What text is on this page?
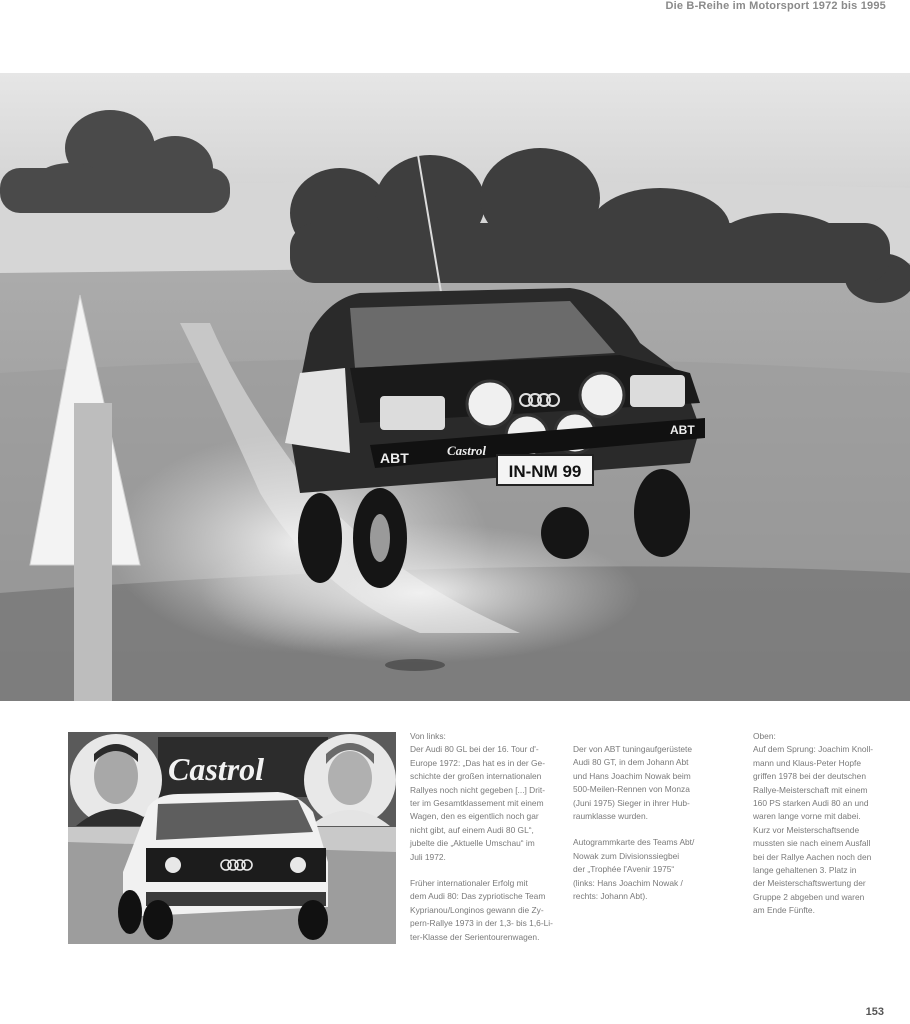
Die B-Reihe im Motorsport 1972 bis 1995
ABT	Castrol
ABT
IN-NM 99
Castrol

Von links:
Der Audi 80 GL bei der 16. Tour d'-
Europe 1972: „Das hat es in der Ge-
schichte der großen internationalen
Rallyes noch nicht gegeben [...] Drit-
ter im Gesamtklassement mit einem
Wagen, den es eigentlich noch gar
nicht gibt, auf einem Audi 80 GL“,
jubelte die „Aktuelle Umschau“ im
Juli 1972.

Früher internationaler Erfolg mit
dem Audi 80: Das zypriotische Team
Kyprianou/Longinos gewann die Zy-
pern-Rallye 1973 in der 1,3- bis 1,6-Li-
ter-Klasse der Serientourenwagen.

Der von ABT tuningaufgerüstete
Audi 80 GT, in dem Johann Abt
und Hans Joachim Nowak beim
500-Meilen-Rennen von Monza
(Juni 1975) Sieger in ihrer Hub-
raumklasse wurden.

Autogrammkarte des Teams Abt/
Nowak zum Divisionssiegbei
der „Trophée l'Avenir 1975“
(links: Hans Joachim Nowak /
rechts: Johann Abt).

Oben:
Auf dem Sprung: Joachim Knoll-
mann und Klaus-Peter Hopfe
griffen 1978 bei der deutschen
Rallye-Meisterschaft mit einem
160 PS starken Audi 80 an und
waren lange vorne mit dabei.
Kurz vor Meisterschaftsende
mussten sie nach einem Ausfall
bei der Rallye Aachen noch den
lange gehaltenen 3. Platz in
der Meisterschaftswertung der
Gruppe 2 abgeben und waren
am Ende Fünfte.

153
